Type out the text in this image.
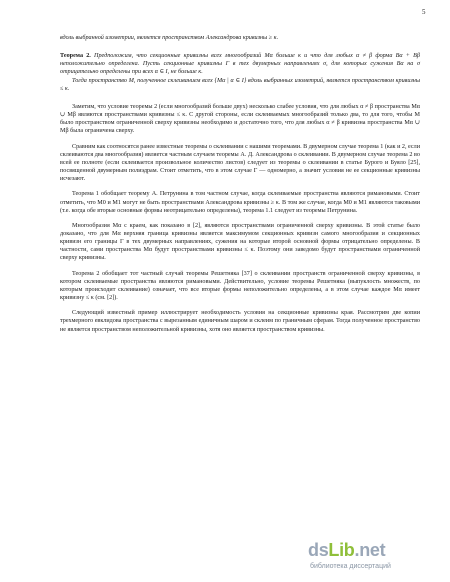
5

вдоль выбранной изометрии, является пространством Александрова кривизны ≥ κ.

Теорема 2. Предположим, что секционные кривизны всех многообразий Mα больше κ и что для любых α ≠ β форма Bα + Bβ неположительно определена. Пусть секционные кривизны Γ в тех двумерных направлениях σ, для которых сужения Bα на σ отрицательно определены при всех α ∈ I, не больше κ.

Тогда пространство M, полученное склеиванием всех {Mα | α ∈ I} вдоль выбранных изометрий, является пространством кривизны ≤ κ.

Заметим, что условие теоремы 2 (если многообразий больше двух) несколько слабее условия, что для любых α ≠ β пространства Mα ∪ Mβ являются пространствами кривизны ≤ κ. С другой стороны, если склеиваемых многообразий только два, то для того, чтобы M было пространством ограниченной сверху кривизны необходимо и достаточно того, что для любых α ≠ β кривизна пространства Mα ∪ Mβ была ограничена сверху.

Сравним как соотносятся ранее известные теоремы о склеивании с нашими теоремами. В двумерном случае теорема 1 (как и 2, если склеиваются два многообразия) является частным случаем теоремы А. Д. Александрова о склеивании. В двумерном случае теорема 2 во всей ее полноте (если склеивается произвольное количество листов) следует из теоремы о склеивании в статье Бурого и Буяло [25], посвященной двумерным полиэдрам. Стоит отметить, что в этом случае Γ — одномерно, а значит условия не ее секционные кривизны исчезают.

Теорема 1 обобщает теорему А. Петрунина в том частном случае, когда склеиваемые пространства являются римановыми. Стоит отметить, что M0 и M1 могут не быть пространствами Александрова кривизны ≥ κ. В том же случае, когда M0 и M1 являются таковыми (т.е. когда обе вторые основные формы неотрицательно определены), теорема 1.1 следует из теоремы Петрунина.

Многообразия Mα с краем, как показано в [2], являются пространствами ограниченной сверху кривизны. В этой статье было доказано, что для Mα верхняя граница кривизны является максимумом секционных кривизн самого многообразия и секционных кривизн его границы Γ в тех двумерных направлениях, сужения на которые второй основной формы отрицательно определены. В частности, сами пространства Mα будут пространствами кривизны ≤ κ. Поэтому они заведомо будут пространствами ограниченной сверху кривизны.

Теорема 2 обобщает тот частный случай теоремы Решетняка [37] о склеивании пространств ограниченной сверху кривизны, в котором склеиваемые пространства являются римановыми. Действительно, условие теоремы Решетняка (выпуклость множеств, по которым происходит склеивание) означает, что все вторые формы неположительно определены, а в этом случае каждое Mα имеет кривизну ≤ κ (см. [2]).

Следующий известный пример иллюстрирует необходимость условия на секционные кривизны края. Рассмотрим две копии трехмерного евклидова пространства с вырезанным единичным шаром и склеим по граничным сферам. Тогда полученное пространство не является пространством неположительной кривизны, хотя оно является пространством кривизны.

dsLib.net
библиотека диссертаций
